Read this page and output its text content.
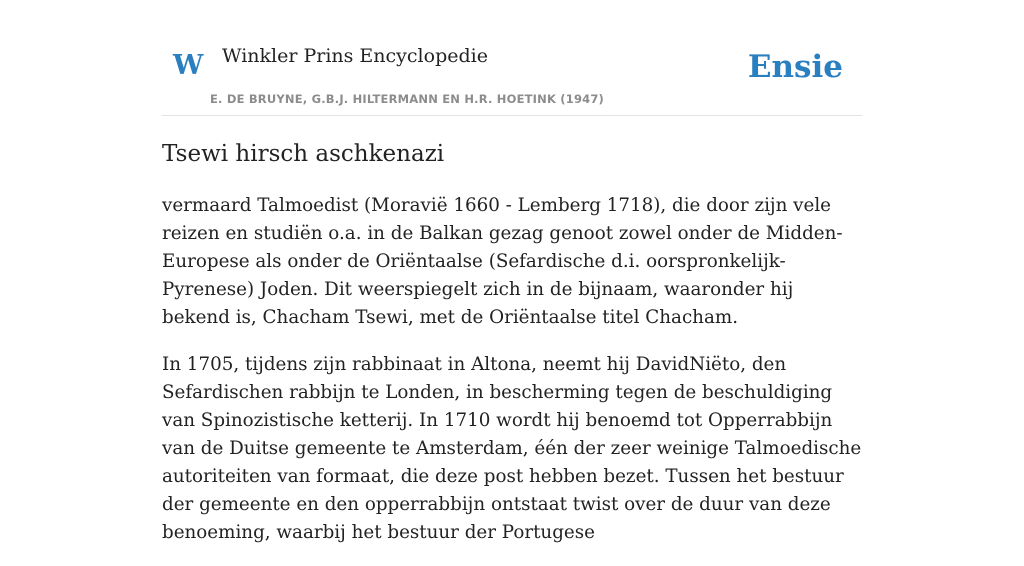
W Winkler Prins Encyclopedie
E. DE BRUYNE, G.B.J. HILTERMANN EN H.R. HOETINK (1947)
Ensie
Tsewi hirsch aschkenazi

vermaard Talmoedist (Moravië 1660 - Lemberg 1718), die door zijn vele reizen en studiën o.a. in de Balkan gezag genoot zowel onder de Midden-Europese als onder de Oriëntaalse (Sefardische d.i. oorspronkelijk-Pyrenese) Joden. Dit weerspiegelt zich in de bijnaam, waaronder hij bekend is, Chacham Tsewi, met de Oriëntaalse titel Chacham.

In 1705, tijdens zijn rabbinaat in Altona, neemt hij DavidNiëto, den Sefardischen rabbijn te Londen, in bescherming tegen de beschuldiging van Spinozistische ketterij. In 1710 wordt hij benoemd tot Opperrabbijn van de Duitse gemeente te Amsterdam, één der zeer weinige Talmoedische autoriteiten van formaat, die deze post hebben bezet. Tussen het bestuur der gemeente en den opperrabbijn ontstaat twist over de duur van deze benoeming, waarbij het bestuur der Portugese
